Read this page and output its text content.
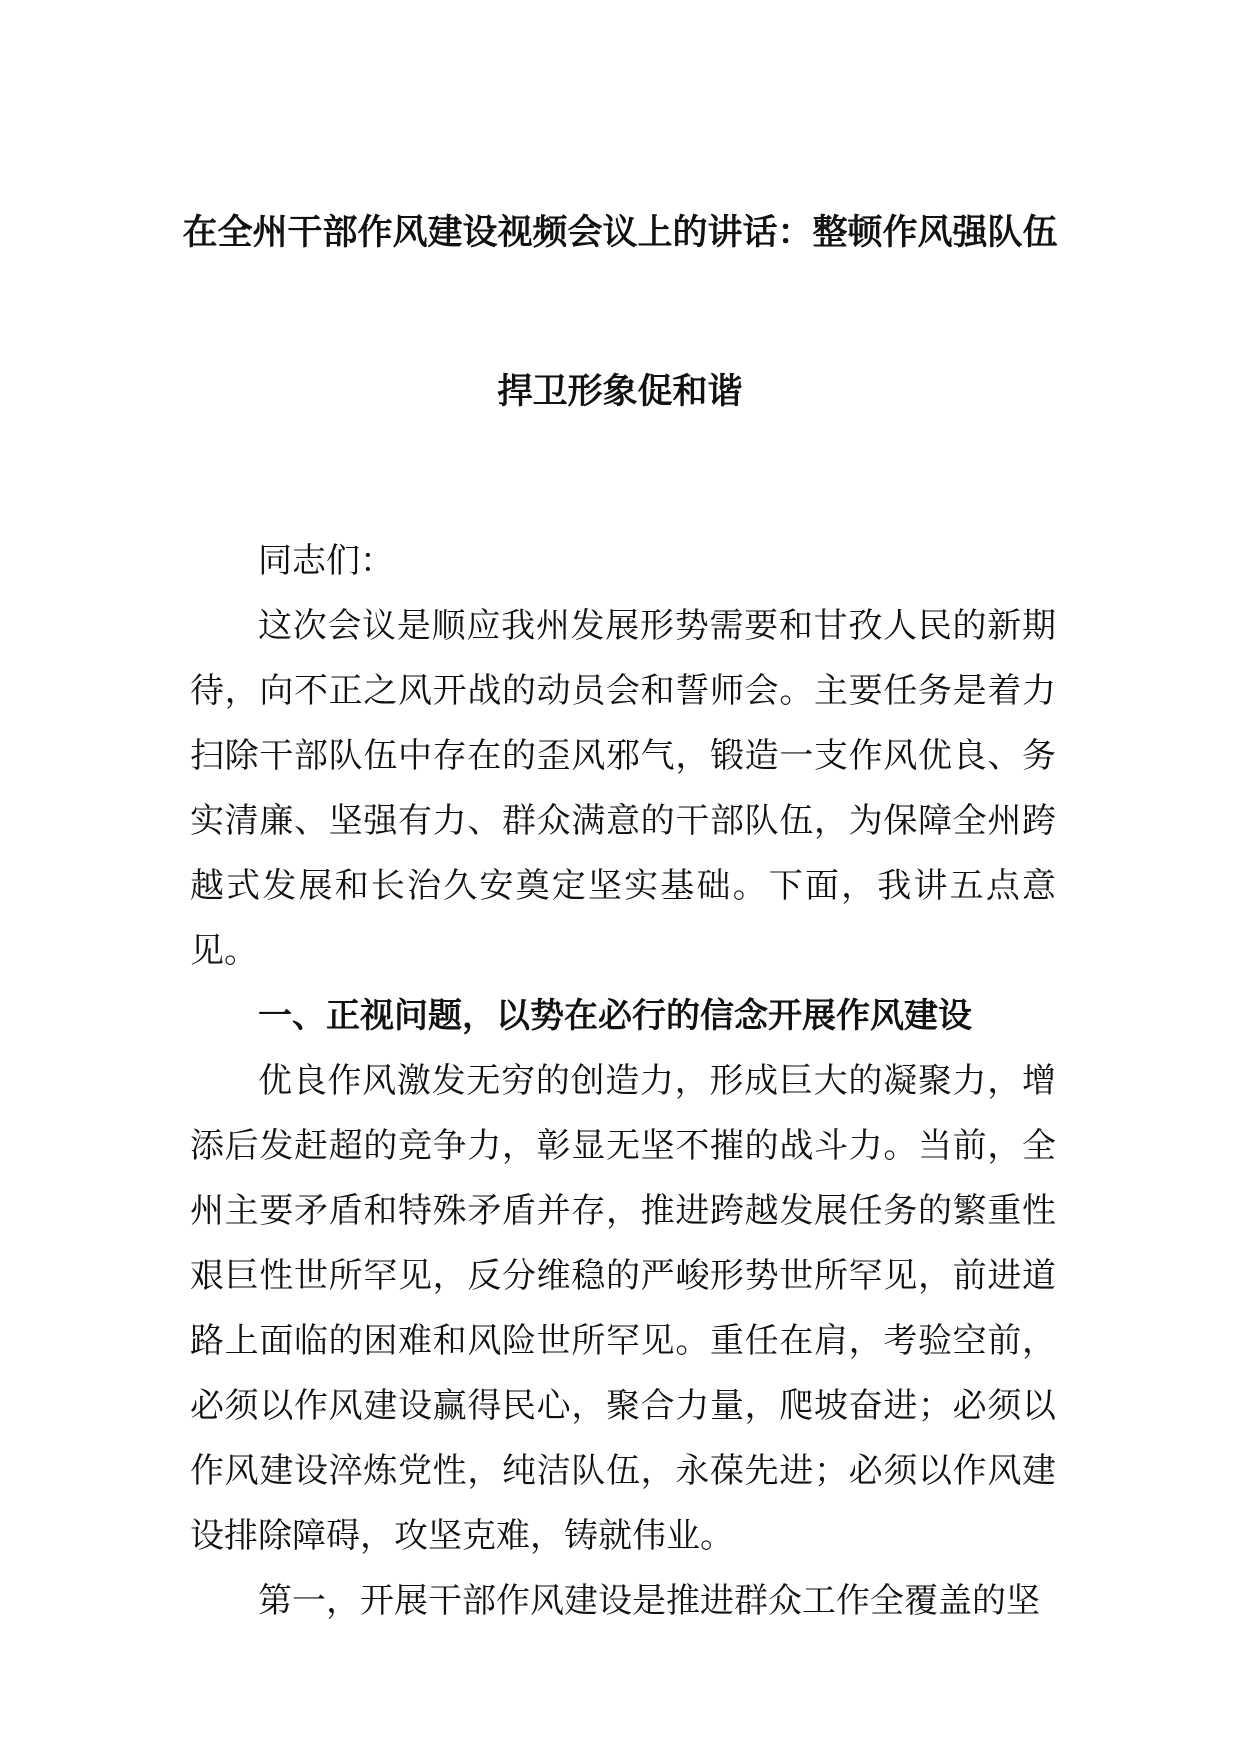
在全州干部作风建设视频会议上的讲话：整顿作风强队伍
捍卫形象促和谐

同志们：

这次会议是顺应我州发展形势需要和甘孜人民的新期待，向不正之风开战的动员会和誓师会。主要任务是着力扫除干部队伍中存在的歪风邪气，锻造一支作风优良、务实清廉、坚强有力、群众满意的干部队伍，为保障全州跨越式发展和长治久安奠定坚实基础。下面，我讲五点意见。

一、正视问题，以势在必行的信念开展作风建设

优良作风激发无穷的创造力，形成巨大的凝聚力，增添后发赶超的竞争力，彰显无坚不摧的战斗力。当前，全州主要矛盾和特殊矛盾并存，推进跨越发展任务的繁重性艰巨性世所罕见，反分维稳的严峻形势世所罕见，前进道路上面临的困难和风险世所罕见。重任在肩，考验空前，必须以作风建设赢得民心，聚合力量，爬坡奋进；必须以作风建设淬炼党性，纯洁队伍，永葆先进；必须以作风建设排除障碍，攻坚克难，铸就伟业。

第一，开展干部作风建设是推进群众工作全覆盖的坚
